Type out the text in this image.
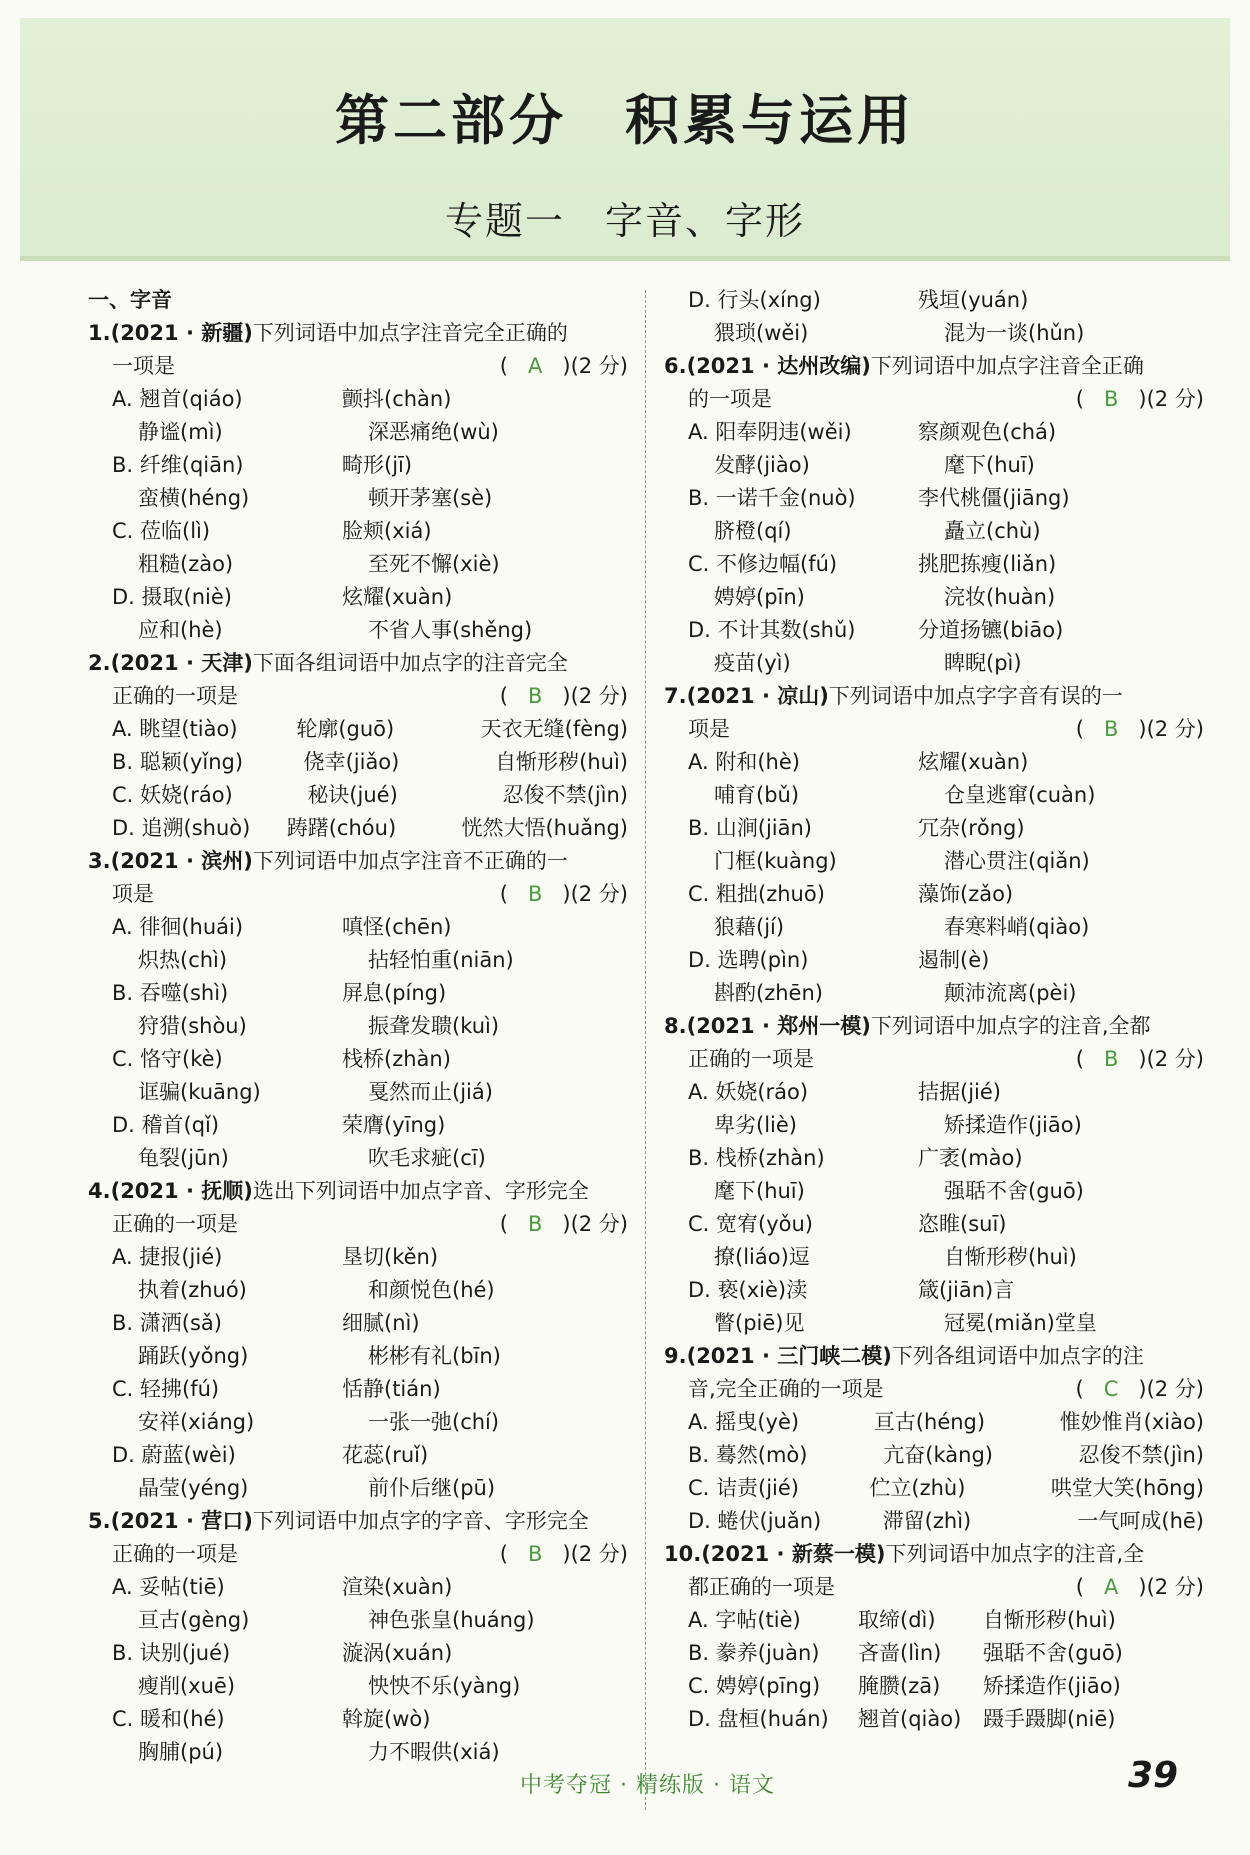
第二部分　积累与运用
专题一　字音、字形
一、字音
1.(2021 · 新疆)下列词语中加点字注音完全正确的
一项是	( A )(2 分)
A. 翘首(qiáo)	颤抖(chàn)
静谧(mì)	深恶痛绝(wù)
B. 纤维(qiān)	畸形(jī)
蛮横(héng)	顿开茅塞(sè)
C. 莅临(lì)	脸颊(xiá)
粗糙(zào)	至死不懈(xiè)
D. 摄取(niè)	炫耀(xuàn)
应和(hè)	不省人事(shěng)
2.(2021 · 天津)下面各组词语中加点字的注音完全
正确的一项是	( B )(2 分)
A. 眺望(tiào)	轮廓(guō)	天衣无缝(fèng)
B. 聪颖(yǐng)	侥幸(jiǎo)	自惭形秽(huì)
C. 妖娆(ráo)	秘诀(jué)	忍俊不禁(jìn)
D. 追溯(shuò)	踌躇(chóu)	恍然大悟(huǎng)
3.(2021 · 滨州)下列词语中加点字注音不正确的一
项是	( B )(2 分)
A. 徘徊(huái)	嗔怪(chēn)
炽热(chì)	拈轻怕重(niān)
B. 吞噬(shì)	屏息(píng)
狩猎(shòu)	振聋发聩(kuì)
C. 恪守(kè)	栈桥(zhàn)
诓骗(kuāng)	戛然而止(jiá)
D. 稽首(qǐ)	荣膺(yīng)
龟裂(jūn)	吹毛求疵(cī)
4.(2021 · 抚顺)选出下列词语中加点字音、字形完全
正确的一项是	( B )(2 分)
A. 捷报(jié)	垦切(kěn)
执着(zhuó)	和颜悦色(hé)
B. 潇洒(sǎ)	细腻(nì)
踊跃(yǒng)	彬彬有礼(bīn)
C. 轻拂(fú)	恬静(tián)
安祥(xiáng)	一张一弛(chí)
D. 蔚蓝(wèi)	花蕊(ruǐ)
晶莹(yéng)	前仆后继(pū)
5.(2021 · 营口)下列词语中加点字的字音、字形完全
正确的一项是	( B )(2 分)
A. 妥帖(tiē)	渲染(xuàn)
亘古(gèng)	神色张皇(huáng)
B. 诀别(jué)	漩涡(xuán)
瘦削(xuē)	怏怏不乐(yàng)
C. 暖和(hé)	斡旋(wò)
胸脯(pú)	力不暇供(xiá)
D. 行头(xíng)	残垣(yuán)
猥琐(wěi)	混为一谈(hǔn)
6.(2021 · 达州改编)下列词语中加点字注音全正确
的一项是	( B )(2 分)
A. 阳奉阴违(wěi)	察颜观色(chá)
发酵(jiào)	麾下(huī)
B. 一诺千金(nuò)	李代桃僵(jiāng)
脐橙(qí)	矗立(chù)
C. 不修边幅(fú)	挑肥拣瘦(liǎn)
娉婷(pīn)	浣妆(huàn)
D. 不计其数(shǔ)	分道扬镳(biāo)
疫苗(yì)	睥睨(pì)
7.(2021 · 凉山)下列词语中加点字字音有误的一
项是	( B )(2 分)
A. 附和(hè)	炫耀(xuàn)
哺育(bǔ)	仓皇逃窜(cuàn)
B. 山涧(jiān)	冗杂(rǒng)
门框(kuàng)	潜心贯注(qiǎn)
C. 粗拙(zhuō)	藻饰(zǎo)
狼藉(jí)	春寒料峭(qiào)
D. 选聘(pìn)	遏制(è)
斟酌(zhēn)	颠沛流离(pèi)
8.(2021 · 郑州一模)下列词语中加点字的注音,全都
正确的一项是	( B )(2 分)
A. 妖娆(ráo)	拮据(jié)
卑劣(liè)	矫揉造作(jiāo)
B. 栈桥(zhàn)	广袤(mào)
麾下(huī)	强聒不舍(guō)
C. 宽宥(yǒu)	恣睢(suī)
撩(liáo)逗	自惭形秽(huì)
D. 亵(xiè)渎	箴(jiān)言
瞥(piē)见	冠冕(miǎn)堂皇
9.(2021 · 三门峡二模)下列各组词语中加点字的注
音,完全正确的一项是	( C )(2 分)
A. 摇曳(yè)	亘古(héng)	惟妙惟肖(xiào)
B. 蓦然(mò)	亢奋(kàng)	忍俊不禁(jìn)
C. 诘责(jié)	伫立(zhù)	哄堂大笑(hōng)
D. 蜷伏(juǎn)	滞留(zhì)	一气呵成(hē)
10.(2021 · 新蔡一模)下列词语中加点字的注音,全
都正确的一项是	( A )(2 分)
A. 字帖(tiè)	取缔(dì)	自惭形秽(huì)
B. 豢养(juàn)	吝啬(lìn)	强聒不舍(guō)
C. 娉婷(pīng)	腌臜(zā)	矫揉造作(jiāo)
D. 盘桓(huán)	翘首(qiào)	蹑手蹑脚(niē)
中考夺冠 · 精练版 · 语文	39
